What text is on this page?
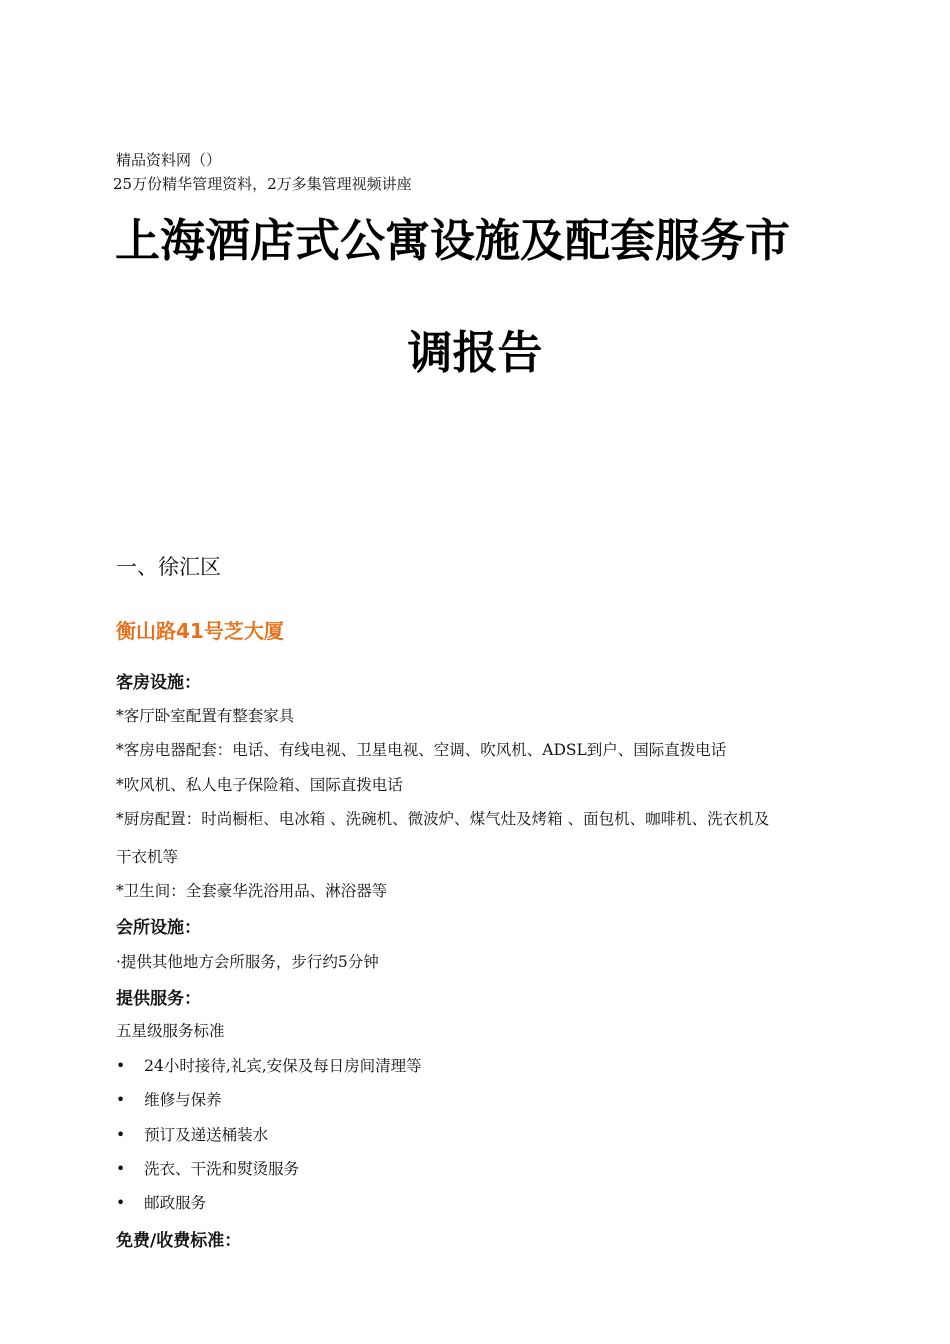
精品资料网（）
25万份精华管理资料，2万多集管理视频讲座
上海酒店式公寓设施及配套服务市
调报告
一、徐汇区
衡山路41号芝大厦
客房设施：
*客厅卧室配置有整套家具
*客房电器配套：电话、有线电视、卫星电视、空调、吹风机、ADSL到户、国际直拨电话
*吹风机、私人电子保险箱、国际直拨电话
*厨房配置：时尚橱柜、电冰箱 、洗碗机、微波炉、煤气灶及烤箱 、面包机、咖啡机、洗衣机及
干衣机等
*卫生间：全套豪华洗浴用品、淋浴器等
会所设施：
·提供其他地方会所服务，步行约5分钟
提供服务：
五星级服务标准
• 24小时接待,礼宾,安保及每日房间清理等
• 维修与保养
• 预订及递送桶装水
• 洗衣、干洗和熨烫服务
• 邮政服务
免费/收费标准：
